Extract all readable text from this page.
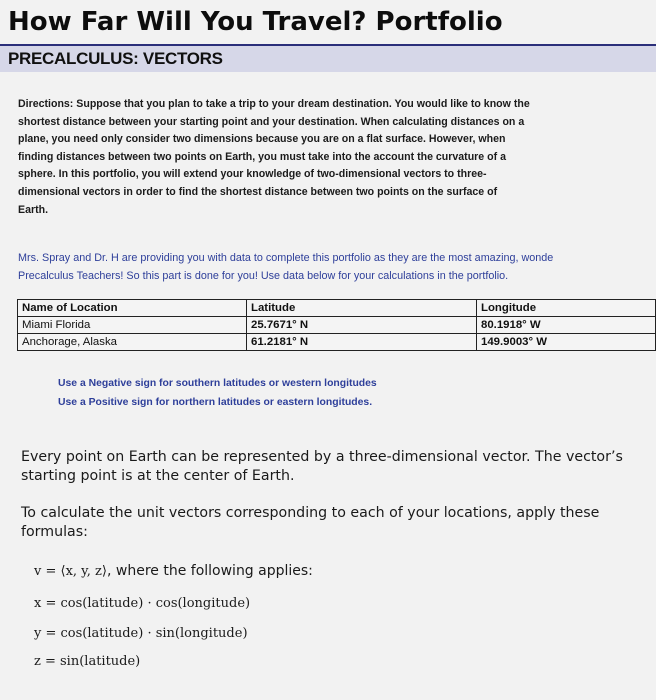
How Far Will You Travel? Portfolio
PRECALCULUS: VECTORS
Directions: Suppose that you plan to take a trip to your dream destination. You would like to know the shortest distance between your starting point and your destination. When calculating distances on a plane, you need only consider two dimensions because you are on a flat surface. However, when finding distances between two points on Earth, you must take into the account the curvature of a sphere. In this portfolio, you will extend your knowledge of two-dimensional vectors to three-dimensional vectors in order to find the shortest distance between two points on the surface of Earth.
Mrs. Spray and Dr. H are providing you with data to complete this portfolio as they are the most amazing, wonde
Precalculus Teachers! So this part is done for you! Use data below for your calculations in the portfolio.
Name of Location	Latitude	Longitude
Miami Florida	25.7671° N	80.1918° W
Anchorage, Alaska	61.2181° N	149.9003° W
Use a Negative sign for southern latitudes or western longitudes
Use a Positive sign for northern latitudes or eastern longitudes.
Every point on Earth can be represented by a three-dimensional vector. The vector’s starting point is at the center of Earth.
To calculate the unit vectors corresponding to each of your locations, apply these formulas:
v = ⟨x, y, z⟩, where the following applies:
x = cos(latitude) · cos(longitude)
y = cos(latitude) · sin(longitude)
z = sin(latitude)
